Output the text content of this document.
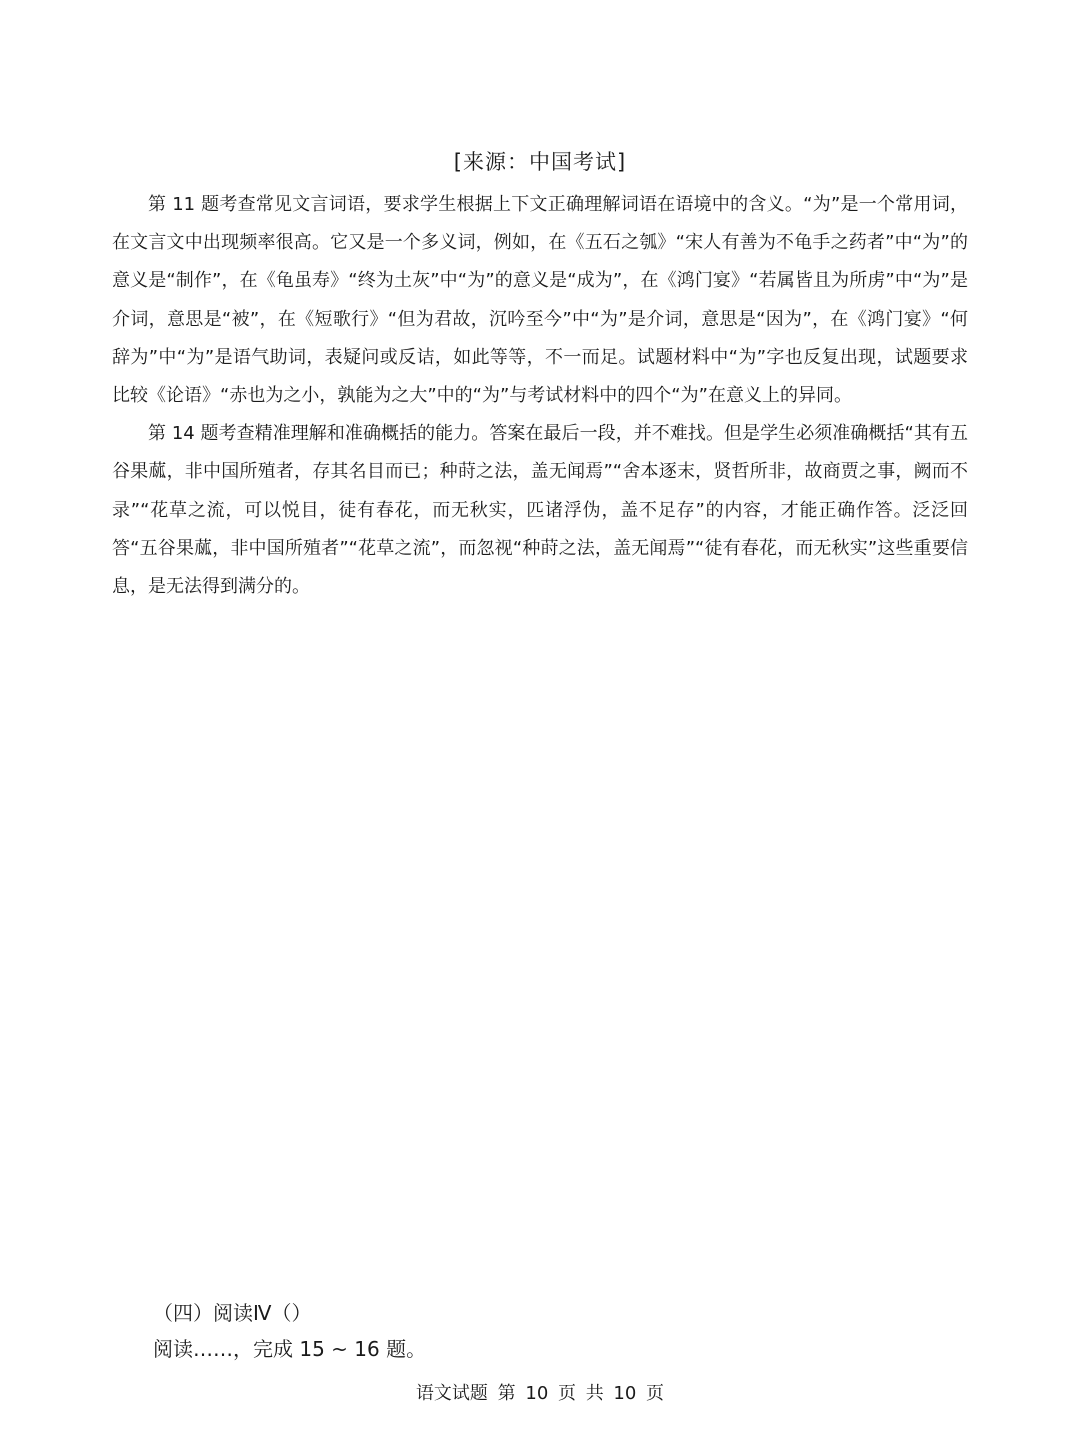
[来源：中国考试]

第 11 题考查常见文言词语，要求学生根据上下文正确理解词语在语境中的含义。“为”是一个常用词，在文言文中出现频率很高。它又是一个多义词，例如，在《五石之瓠》“宋人有善为不龟手之药者”中“为”的意义是“制作”，在《龟虽寿》“终为土灰”中“为”的意义是“成为”，在《鸿门宴》“若属皆且为所虏”中“为”是介词，意思是“被”，在《短歌行》“但为君故，沉吟至今”中“为”是介词，意思是“因为”，在《鸿门宴》“何辞为”中“为”是语气助词，表疑问或反诘，如此等等，不一而足。试题材料中“为”字也反复出现，试题要求比较《论语》“赤也为之小，孰能为之大”中的“为”与考试材料中的四个“为”在意义上的异同。

第 14 题考查精准理解和准确概括的能力。答案在最后一段，并不难找。但是学生必须准确概括“其有五谷果蓏，非中国所殖者，存其名目而已；种莳之法，盖无闻焉”“舍本逐末，贤哲所非，故商贾之事，阙而不录”“花草之流，可以悦目，徒有春花，而无秋实，匹诸浮伪，盖不足存”的内容，才能正确作答。泛泛回答“五谷果蓏，非中国所殖者”“花草之流”，而忽视“种莳之法，盖无闻焉”“徒有春花，而无秋实”这些重要信息，是无法得到满分的。

（四）阅读Ⅳ（）
阅读……，完成 15 ~ 16 题。
语文试题 第 10 页 共 10 页
